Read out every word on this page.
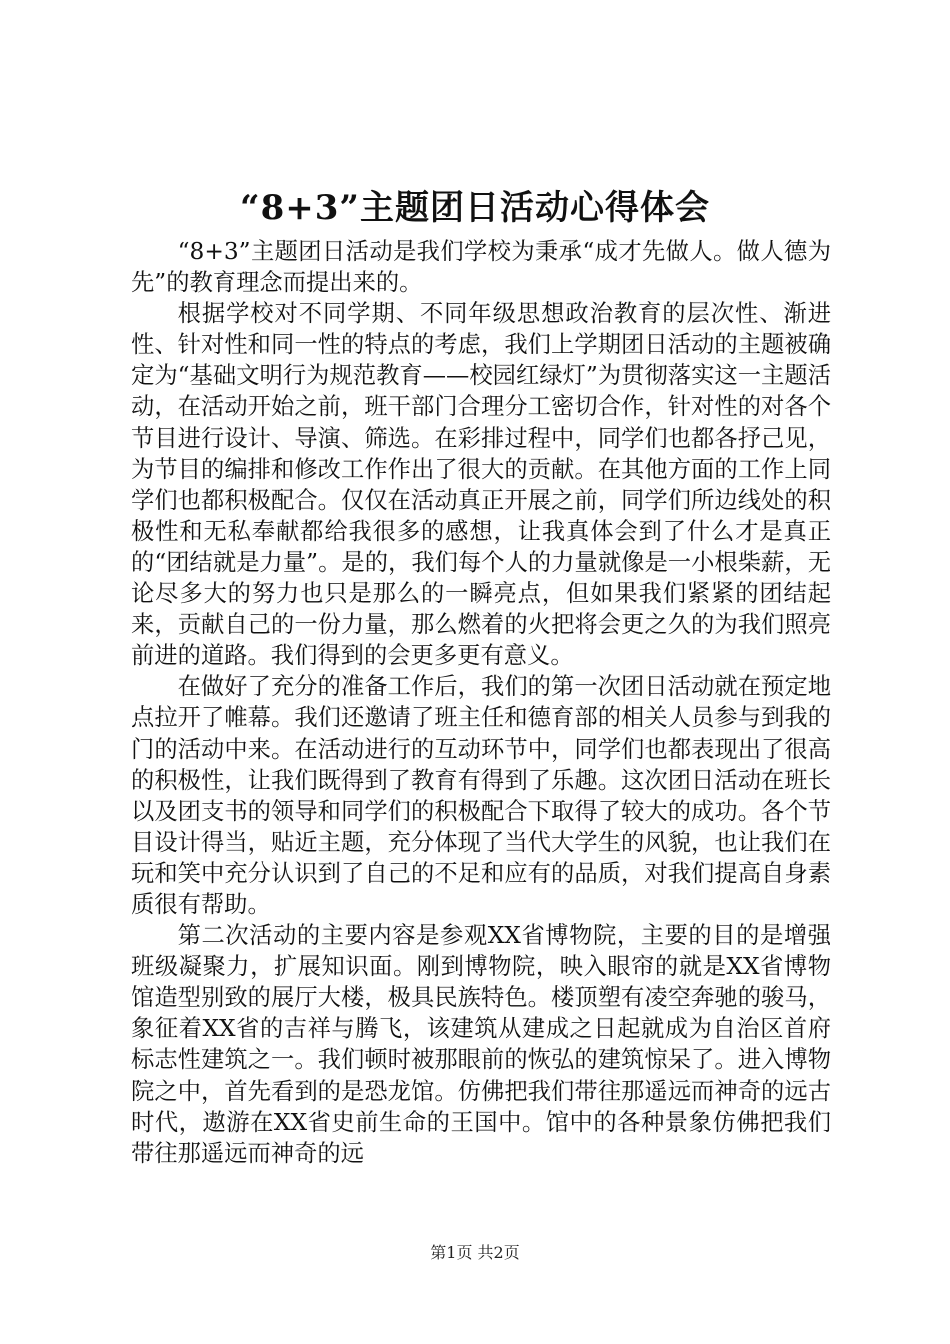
“8+3”主题团日活动心得体会

“8+3”主题团日活动是我们学校为秉承“成才先做人。做人德为先”的教育理念而提出来的。

根据学校对不同学期、不同年级思想政治教育的层次性、渐进性、针对性和同一性的特点的考虑，我们上学期团日活动的主题被确定为“基础文明行为规范教育——校园红绿灯”为贯彻落实这一主题活动，在活动开始之前，班干部门合理分工密切合作，针对性的对各个节目进行设计、导演、筛选。在彩排过程中，同学们也都各抒己见，为节目的编排和修改工作作出了很大的贡献。在其他方面的工作上同学们也都积极配合。仅仅在活动真正开展之前，同学们所边线处的积极性和无私奉献都给我很多的感想，让我真体会到了什么才是真正的“团结就是力量”。是的，我们每个人的力量就像是一小根柴薪，无论尽多大的努力也只是那么的一瞬亮点，但如果我们紧紧的团结起来，贡献自己的一份力量，那么燃着的火把将会更之久的为我们照亮前进的道路。我们得到的会更多更有意义。

在做好了充分的准备工作后，我们的第一次团日活动就在预定地点拉开了帷幕。我们还邀请了班主任和德育部的相关人员参与到我的门的活动中来。在活动进行的互动环节中，同学们也都表现出了很高的积极性，让我们既得到了教育有得到了乐趣。这次团日活动在班长以及团支书的领导和同学们的积极配合下取得了较大的成功。各个节目设计得当，贴近主题，充分体现了当代大学生的风貌，也让我们在玩和笑中充分认识到了自己的不足和应有的品质，对我们提高自身素质很有帮助。

第二次活动的主要内容是参观XX省博物院，主要的目的是增强班级凝聚力，扩展知识面。刚到博物院，映入眼帘的就是XX省博物馆造型别致的展厅大楼，极具民族特色。楼顶塑有凌空奔驰的骏马，象征着XX省的吉祥与腾飞，该建筑从建成之日起就成为自治区首府标志性建筑之一。我们顿时被那眼前的恢弘的建筑惊呆了。进入博物院之中，首先看到的是恐龙馆。仿佛把我们带往那遥远而神奇的远古时代，遨游在XX省史前生命的王国中。馆中的各种景象仿佛把我们带往那遥远而神奇的远

第1页 共2页
